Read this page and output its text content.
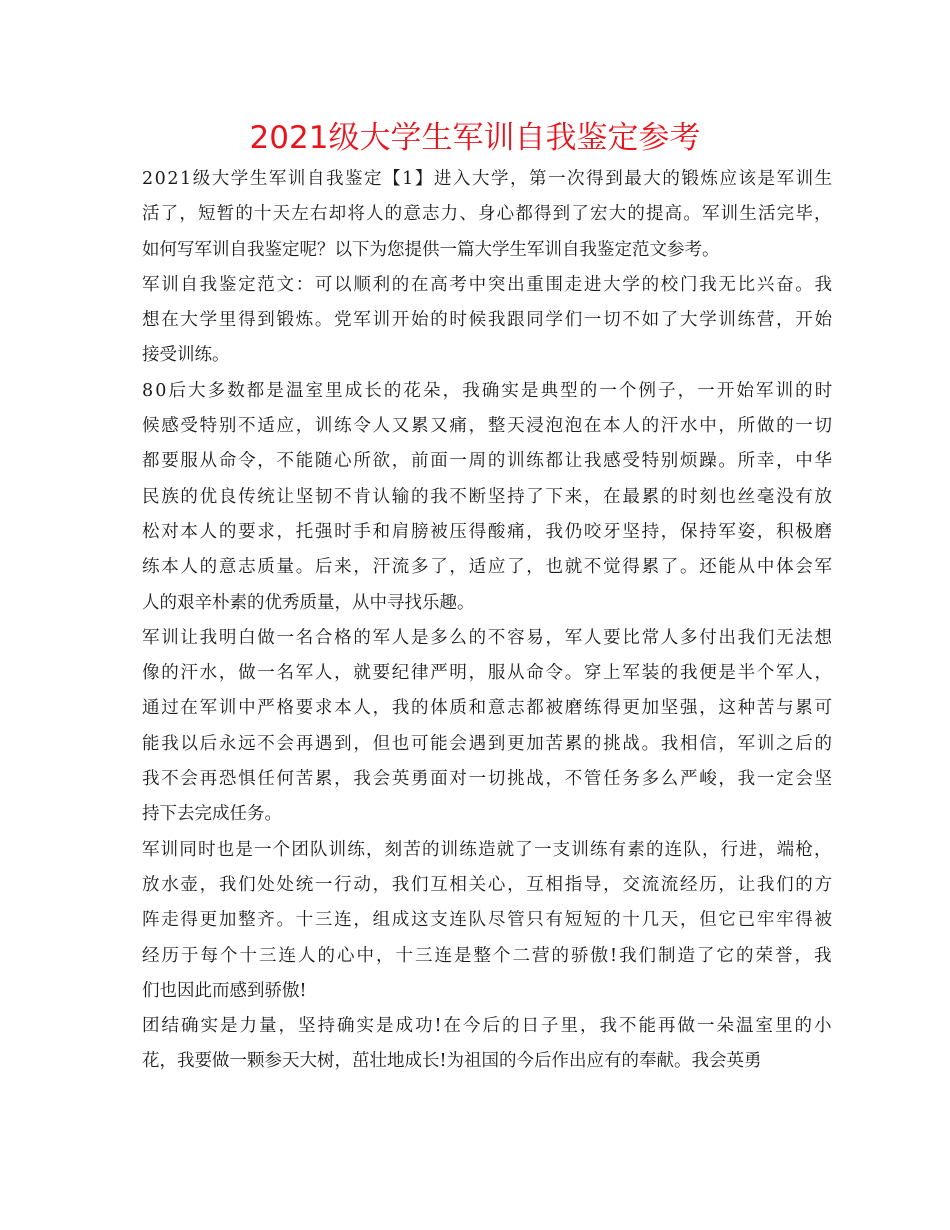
2021级大学生军训自我鉴定参考
2021级大学生军训自我鉴定【1】进入大学，第一次得到最大的锻炼应该是军训生
活了，短暂的十天左右却将人的意志力、身心都得到了宏大的提高。军训生活完毕，
如何写军训自我鉴定呢？以下为您提供一篇大学生军训自我鉴定范文参考。
军训自我鉴定范文：可以顺利的在高考中突出重围走进大学的校门我无比兴奋。我
想在大学里得到锻炼。党军训开始的时候我跟同学们一切不如了大学训练营，开始
接受训练。
80后大多数都是温室里成长的花朵，我确实是典型的一个例子，一开始军训的时
候感受特别不适应，训练令人又累又痛，整天浸泡泡在本人的汗水中，所做的一切
都要服从命令，不能随心所欲，前面一周的训练都让我感受特别烦躁。所幸，中华
民族的优良传统让坚韧不肯认输的我不断坚持了下来，在最累的时刻也丝毫没有放
松对本人的要求，托强时手和肩膀被压得酸痛，我仍咬牙坚持，保持军姿，积极磨
练本人的意志质量。后来，汗流多了，适应了，也就不觉得累了。还能从中体会军
人的艰辛朴素的优秀质量，从中寻找乐趣。
军训让我明白做一名合格的军人是多么的不容易，军人要比常人多付出我们无法想
像的汗水，做一名军人，就要纪律严明，服从命令。穿上军装的我便是半个军人，
通过在军训中严格要求本人，我的体质和意志都被磨练得更加坚强，这种苦与累可
能我以后永远不会再遇到，但也可能会遇到更加苦累的挑战。我相信，军训之后的
我不会再恐惧任何苦累，我会英勇面对一切挑战，不管任务多么严峻，我一定会坚
持下去完成任务。
军训同时也是一个团队训练，刻苦的训练造就了一支训练有素的连队，行进，端枪，
放水壶，我们处处统一行动，我们互相关心，互相指导，交流流经历，让我们的方
阵走得更加整齐。十三连，组成这支连队尽管只有短短的十几天，但它已牢牢得被
经历于每个十三连人的心中，十三连是整个二营的骄傲!我们制造了它的荣誉，我
们也因此而感到骄傲!
团结确实是力量，坚持确实是成功!在今后的日子里，我不能再做一朵温室里的小
花，我要做一颗参天大树，茁壮地成长!为祖国的今后作出应有的奉献。我会英勇
